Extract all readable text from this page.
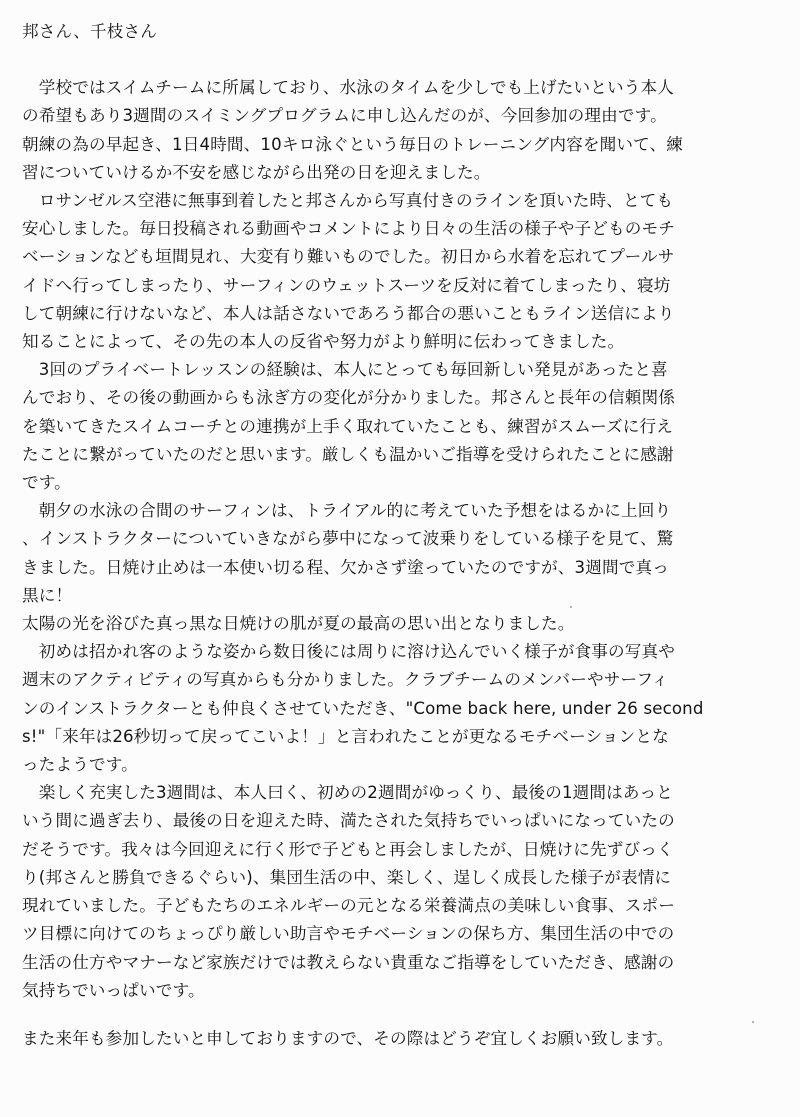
邦さん、千枝さん
　学校ではスイムチームに所属しており、水泳のタイムを少しでも上げたいという本人
の希望もあり3週間のスイミングプログラムに申し込んだのが、今回参加の理由です。
朝練の為の早起き、1日4時間、10キロ泳ぐという毎日のトレーニング内容を聞いて、練
習についていけるか不安を感じながら出発の日を迎えました。
　ロサンゼルス空港に無事到着したと邦さんから写真付きのラインを頂いた時、とても
安心しました。毎日投稿される動画やコメントにより日々の生活の様子や子どものモチ
ベーションなども垣間見れ、大変有り難いものでした。初日から水着を忘れてプールサ
イドへ行ってしまったり、サーフィンのウェットスーツを反対に着てしまったり、寝坊
して朝練に行けないなど、本人は話さないであろう都合の悪いこともライン送信により
知ることによって、その先の本人の反省や努力がより鮮明に伝わってきました。
　3回のプライベートレッスンの経験は、本人にとっても毎回新しい発見があったと喜
んでおり、その後の動画からも泳ぎ方の変化が分かりました。邦さんと長年の信頼関係
を築いてきたスイムコーチとの連携が上手く取れていたことも、練習がスムーズに行え
たことに繋がっていたのだと思います。厳しくも温かいご指導を受けられたことに感謝
です。
　朝夕の水泳の合間のサーフィンは、トライアル的に考えていた予想をはるかに上回り
、インストラクターについていきながら夢中になって波乗りをしている様子を見て、驚
きました。日焼け止めは一本使い切る程、欠かさず塗っていたのですが、3週間で真っ
黒に！
太陽の光を浴びた真っ黒な日焼けの肌が夏の最高の思い出となりました。
　初めは招かれ客のような姿から数日後には周りに溶け込んでいく様子が食事の写真や
週末のアクティビティの写真からも分かりました。クラブチームのメンバーやサーフィ
ンのインストラクターとも仲良くさせていただき、"Come back here, under 26 second
s!"「来年は26秒切って戻ってこいよ！」と言われたことが更なるモチベーションとな
ったようです。
　楽しく充実した3週間は、本人曰く、初めの2週間がゆっくり、最後の1週間はあっと
いう間に過ぎ去り、最後の日を迎えた時、満たされた気持ちでいっぱいになっていたの
だそうです。我々は今回迎えに行く形で子どもと再会しましたが、日焼けに先ずびっく
り(邦さんと勝負できるぐらい)、集団生活の中、楽しく、逞しく成長した様子が表情に
現れていました。子どもたちのエネルギーの元となる栄養満点の美味しい食事、スポー
ツ目標に向けてのちょっぴり厳しい助言やモチベーションの保ち方、集団生活の中での
生活の仕方やマナーなど家族だけでは教えらない貴重なご指導をしていただき、感謝の
気持ちでいっぱいです。
また来年も参加したいと申しておりますので、その際はどうぞ宜しくお願い致します。
